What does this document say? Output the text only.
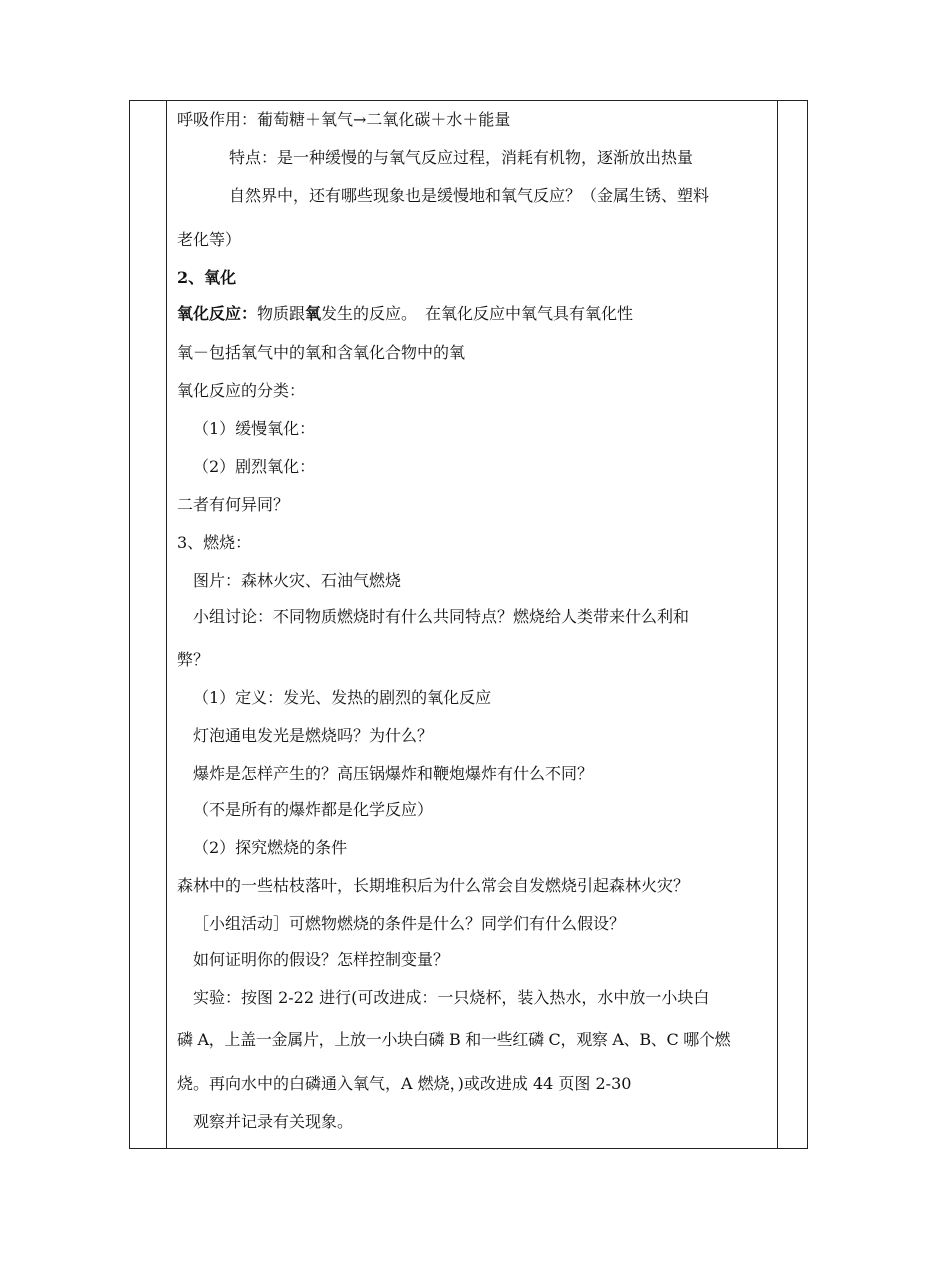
呼吸作用：葡萄糖＋氧气→二氧化碳＋水＋能量
特点：是一种缓慢的与氧气反应过程，消耗有机物，逐渐放出热量
自然界中，还有哪些现象也是缓慢地和氧气反应？（金属生锈、塑料
老化等）
2、氧化
氧化反应：物质跟氧发生的反应。　在氧化反应中氧气具有氧化性
氧－包括氧气中的氧和含氧化合物中的氧
氧化反应的分类：
（1）缓慢氧化：
（2）剧烈氧化：
二者有何异同？
3、燃烧：
图片：森林火灾、石油气燃烧
小组讨论：不同物质燃烧时有什么共同特点？燃烧给人类带来什么利和
弊？
（1）定义：发光、发热的剧烈的氧化反应
灯泡通电发光是燃烧吗？为什么？
爆炸是怎样产生的？高压锅爆炸和鞭炮爆炸有什么不同？
（不是所有的爆炸都是化学反应）
（2）探究燃烧的条件
森林中的一些枯枝落叶，长期堆积后为什么常会自发燃烧引起森林火灾？
［小组活动］可燃物燃烧的条件是什么？同学们有什么假设？
如何证明你的假设？怎样控制变量？
实验：按图 2-22 进行(可改进成：一只烧杯，装入热水，水中放一小块白
磷 A，上盖一金属片，上放一小块白磷 B 和一些红磷 C，观察 A、B、C 哪个燃
烧。再向水中的白磷通入氧气，A 燃烧，)或改进成 44 页图 2-30
观察并记录有关现象。
